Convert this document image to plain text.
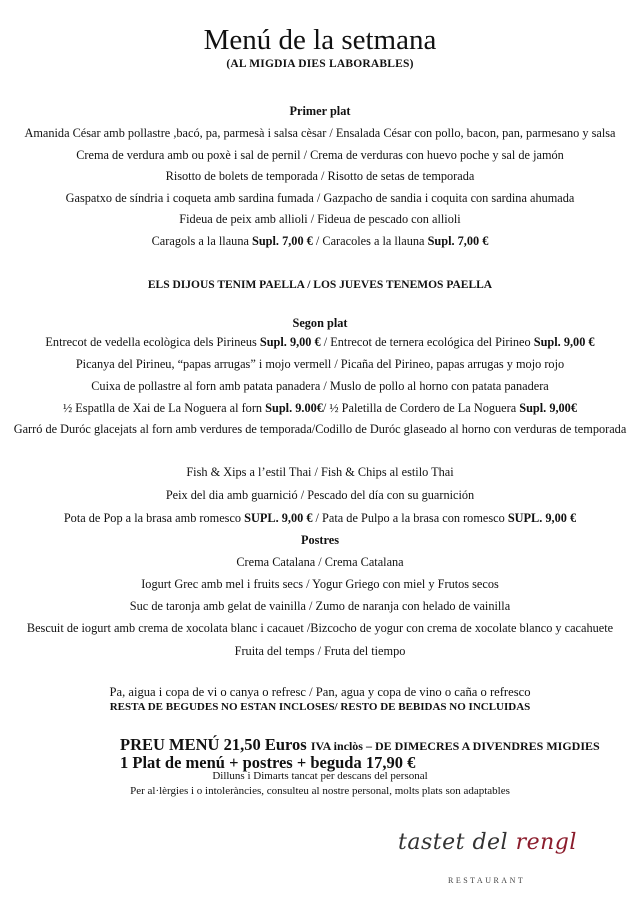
Menú de la setmana
(AL MIGDIA DIES LABORABLES)
Primer plat
Amanida César amb pollastre ,bacó, pa, parmesà i salsa cèsar / Ensalada César con pollo, bacon, pan, parmesano y salsa
Crema de verdura amb ou poxè i sal de pernil / Crema de verduras con huevo poche y sal de jamón
Risotto de bolets de temporada / Risotto de setas de temporada
Gaspatxo de síndria i coqueta amb sardina fumada / Gazpacho de sandia i coquita con sardina ahumada
Fideua de peix amb allioli / Fideua de pescado con allioli
Caragols a la llauna Supl. 7,00 € / Caracoles a la llauna Supl. 7,00 €
ELS DIJOUS TENIM PAELLA / LOS JUEVES TENEMOS PAELLA
Segon plat
Entrecot de vedella ecològica dels Pirineus Supl. 9,00 € / Entrecot de ternera ecológica del Pirineo Supl. 9,00 €
Picanya del Pirineu, “papas arrugas” i mojo vermell / Picaña del Pirineo, papas arrugas y mojo rojo
Cuixa de pollastre al forn amb patata panadera / Muslo de pollo al horno con patata panadera
½ Espatlla de Xai de La Noguera al forn Supl. 9.00€/ ½ Paletilla de Cordero de La Noguera Supl. 9,00€
Garró de Duróc glacejats al forn amb verdures de temporada/Codillo de Duróc glaseado al horno con verduras de temporada
Fish & Xips a l’estil Thai / Fish & Chips al estilo Thai
Peix del dia amb guarnició / Pescado del día con su guarnición
Pota de Pop a la brasa amb romesco SUPL. 9,00 € / Pata de Pulpo a la brasa con romesco SUPL. 9,00 €
Postres
Crema Catalana / Crema Catalana
Iogurt Grec amb mel i fruits secs / Yogur Griego con miel y Frutos secos
Suc de taronja amb gelat de vainilla / Zumo de naranja con helado de vainilla
Bescuit de iogurt amb crema de xocolata blanc i cacauet /Bizcocho de yogur con crema de xocolate blanco y cacahuete
Fruita del temps / Fruta del tiempo
Pa, aigua i copa de vi o canya o refresc / Pan, agua y copa de vino o caña o refresco
RESTA DE BEGUDES NO ESTAN INCLOSES/ RESTO DE BEBIDAS NO INCLUIDAS
PREU MENÚ 21,50 Euros IVA inclòs – DE DIMECRES A DIVENDRES MIGDIES
1 Plat de menú + postres + beguda 17,90 €
Dilluns i Dimarts tancat per descans del personal
Per al·lèrgies i o intoleràncies, consulteu al nostre personal, molts plats son adaptables
tastet del rengl
RESTAURANT
